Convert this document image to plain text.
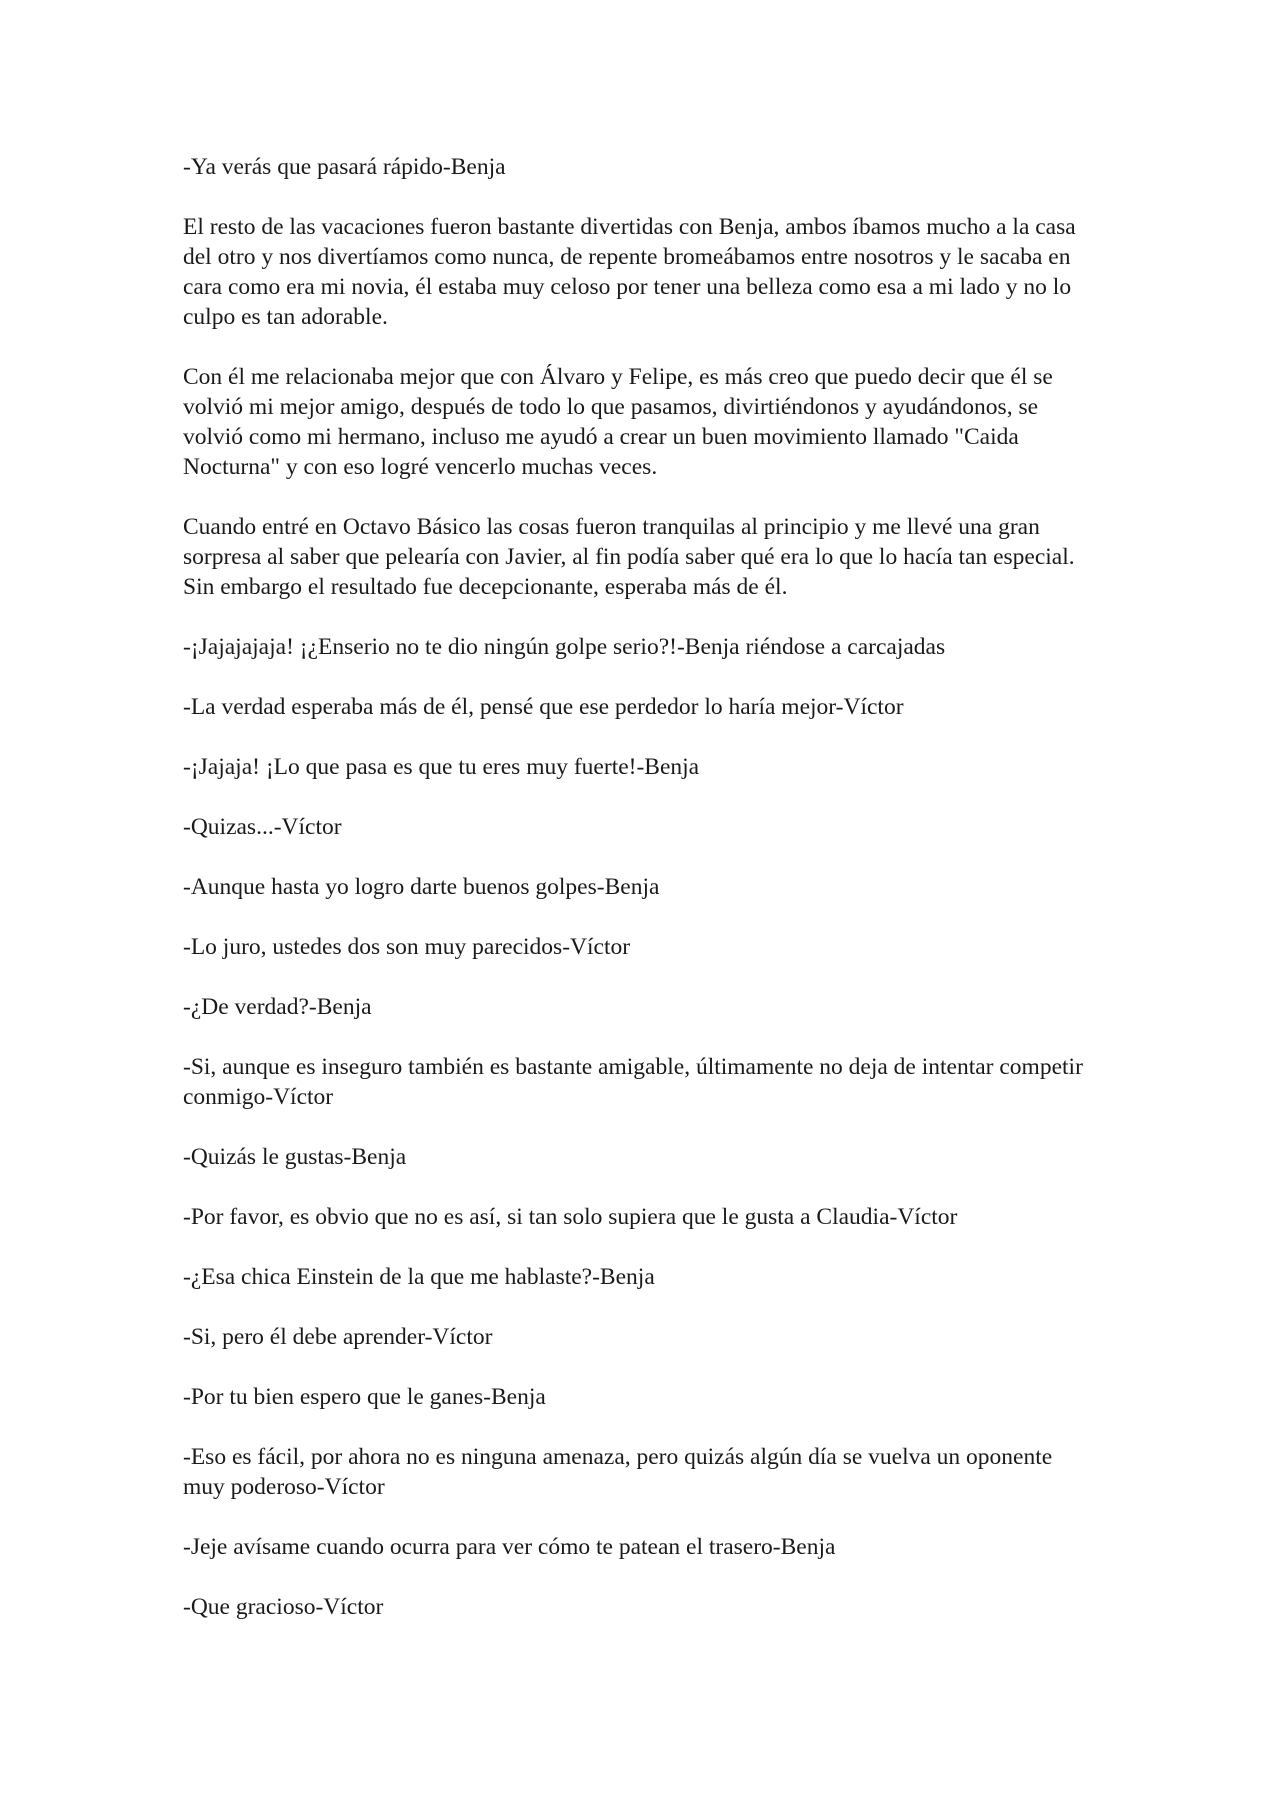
-Ya verás que pasará rápido-Benja

El resto de las vacaciones fueron bastante divertidas con Benja, ambos íbamos mucho a la casa del otro y nos divertíamos como nunca, de repente bromeábamos entre nosotros y le sacaba en cara como era mi novia, él estaba muy celoso por tener una belleza como esa a mi lado y no lo culpo es tan adorable.

Con él me relacionaba mejor que con Álvaro y Felipe, es más creo que puedo decir que él se volvió mi mejor amigo, después de todo lo que pasamos, divirtiéndonos y ayudándonos, se volvió como mi hermano, incluso me ayudó a crear un buen movimiento llamado "Caida Nocturna" y con eso logré vencerlo muchas veces.

Cuando entré en Octavo Básico las cosas fueron tranquilas al principio y me llevé una gran sorpresa al saber que pelearía con Javier, al fin podía saber qué era lo que lo hacía tan especial. Sin embargo el resultado fue decepcionante, esperaba más de él.

-¡Jajajajaja! ¡¿Enserio no te dio ningún golpe serio?!-Benja riéndose a carcajadas

-La verdad esperaba más de él, pensé que ese perdedor lo haría mejor-Víctor

-¡Jajaja! ¡Lo que pasa es que tu eres muy fuerte!-Benja

-Quizas...-Víctor

-Aunque hasta yo logro darte buenos golpes-Benja

-Lo juro, ustedes dos son muy parecidos-Víctor

-¿De verdad?-Benja

-Si, aunque es inseguro también es bastante amigable, últimamente no deja de intentar competir conmigo-Víctor

-Quizás le gustas-Benja

-Por favor, es obvio que no es así, si tan solo supiera que le gusta a Claudia-Víctor

-¿Esa chica Einstein de la que me hablaste?-Benja

-Si, pero él debe aprender-Víctor

-Por tu bien espero que le ganes-Benja

-Eso es fácil, por ahora no es ninguna amenaza, pero quizás algún día se vuelva un oponente muy poderoso-Víctor

-Jeje avísame cuando ocurra para ver cómo te patean el trasero-Benja

-Que gracioso-Víctor
